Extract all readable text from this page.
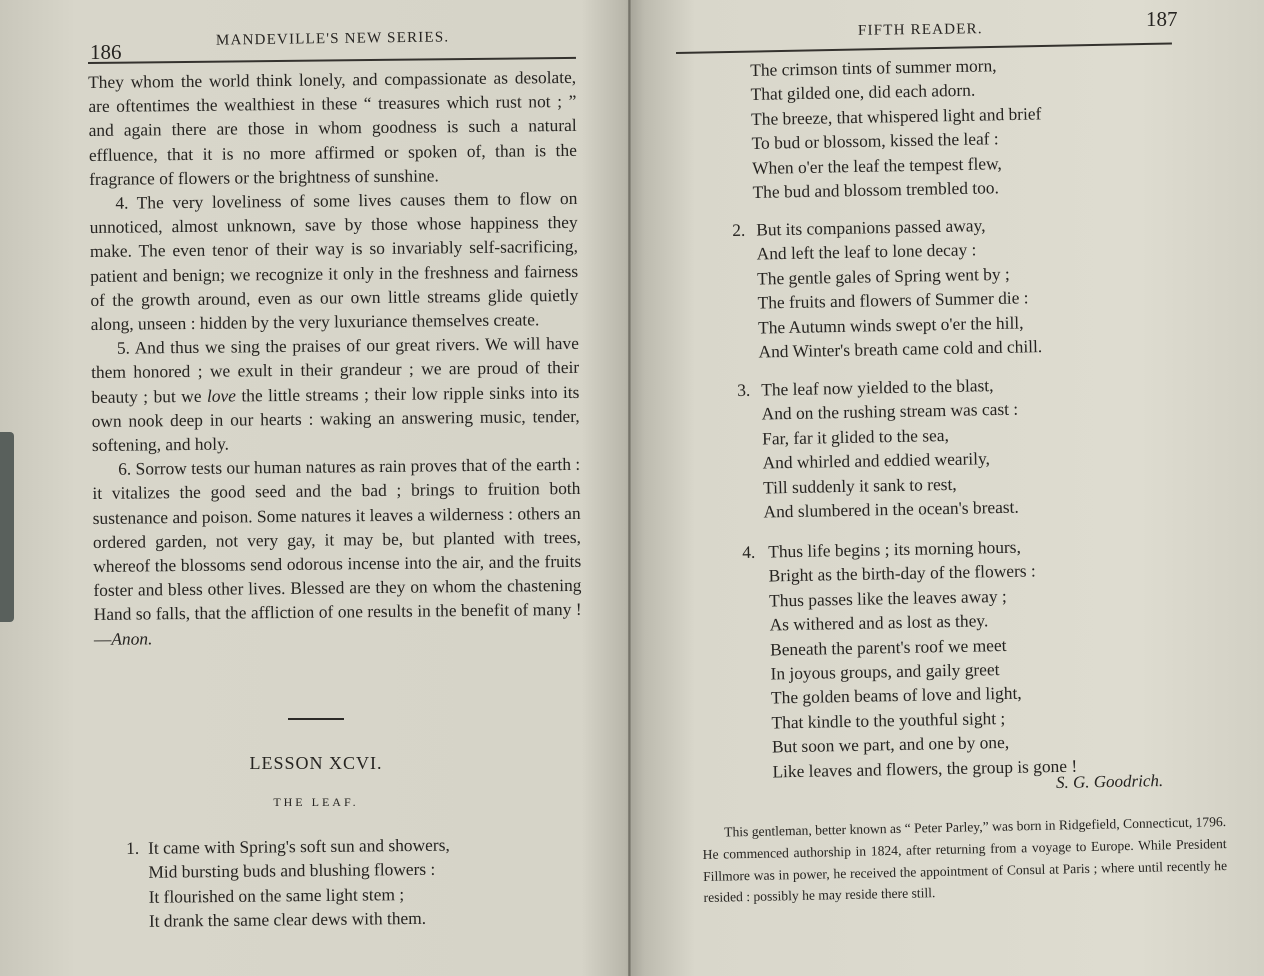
186
MANDEVILLE'S NEW SERIES.

They whom the world think lonely, and compassionate as desolate, are oftentimes the wealthiest in these “ treasures which rust not ; ” and again there are those in whom goodness is such a natural effluence, that it is no more affirmed or spoken of, than is the fragrance of flowers or the brightness of sunshine.

4. The very loveliness of some lives causes them to flow on unnoticed, almost unknown, save by those whose happiness they make. The even tenor of their way is so invariably self-sacrificing, patient and benign; we recognize it only in the freshness and fairness of the growth around, even as our own little streams glide quietly along, unseen : hidden by the very luxuriance themselves create.

5. And thus we sing the praises of our great rivers. We will have them honored ; we exult in their grandeur ; we are proud of their beauty ; but we love the little streams ; their low ripple sinks into its own nook deep in our hearts : waking an answering music, tender, softening, and holy.

6. Sorrow tests our human natures as rain proves that of the earth : it vitalizes the good seed and the bad ; brings to fruition both sustenance and poison. Some natures it leaves a wilderness : others an ordered garden, not very gay, it may be, but planted with trees, whereof the blossoms send odorous incense into the air, and the fruits foster and bless other lives. Blessed are they on whom the chastening Hand so falls, that the affliction of one results in the benefit of many !—Anon.

LESSON XCVI.
THE LEAF.
1. It came with Spring's soft sun and showers,
Mid bursting buds and blushing flowers :
It flourished on the same light stem ;
It drank the same clear dews with them.
FIFTH READER.	187
The crimson tints of summer morn,
That gilded one, did each adorn.
The breeze, that whispered light and brief
To bud or blossom, kissed the leaf :
When o'er the leaf the tempest flew,
The bud and blossom trembled too.
2. But its companions passed away,
And left the leaf to lone decay :
The gentle gales of Spring went by ;
The fruits and flowers of Summer die :
The Autumn winds swept o'er the hill,
And Winter's breath came cold and chill.
3. The leaf now yielded to the blast,
And on the rushing stream was cast :
Far, far it glided to the sea,
And whirled and eddied wearily,
Till suddenly it sank to rest,
And slumbered in the ocean's breast.
4. Thus life begins ; its morning hours,
Bright as the birth-day of the flowers :
Thus passes like the leaves away ;
As withered and as lost as they.
Beneath the parent's roof we meet
In joyous groups, and gaily greet
The golden beams of love and light,
That kindle to the youthful sight ;
But soon we part, and one by one,
Like leaves and flowers, the group is gone !
S. G. Goodrich.

This gentleman, better known as “ Peter Parley,” was born in Ridgefield, Connecticut, 1796. He commenced authorship in 1824, after returning from a voyage to Europe. While President Fillmore was in power, he received the appointment of Consul at Paris ; where until recently he resided : possibly he may reside there still.
